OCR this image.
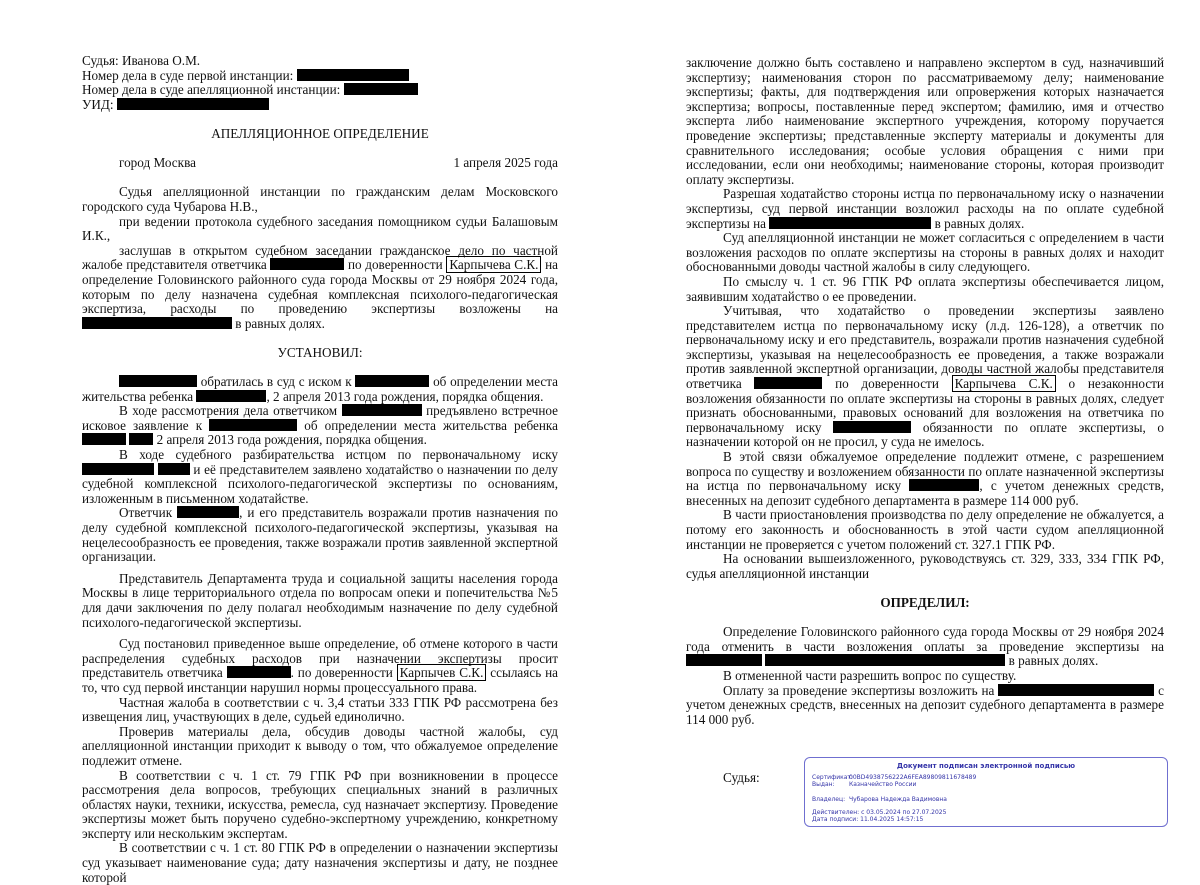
Судья: Иванова О.М.

Номер дела в суде первой инстанции:

Номер дела в суде апелляционной инстанции:

УИД:

АПЕЛЛЯЦИОННОЕ ОПРЕДЕЛЕНИЕ

город Москва	1 апреля 2025 года

Судья апелляционной инстанции по гражданским делам Московского городского суда Чубарова Н.В.,

при ведении протокола судебного заседания помощником судьи Балашовым И.К.,

заслушав в открытом судебном заседании гражданское дело по частной жалобе представителя ответчика	по доверенности Карпычева С.К. на определение Головинского районного суда города Москвы от 29 ноября 2024 года, которым по делу назначена судебная комплексная психолого-педагогическая экспертиза, расходы по проведению экспертизы возложены на  в равных долях.

УСТАНОВИЛ:

обратилась в суд с иском к	об определении места жительства ребенка	, 2 апреля 2013 года рождения, порядка общения.

В ходе рассмотрения дела ответчиком	предъявлено встречное исковое заявление к	об определении места жительства ребенка   2 апреля 2013 года рождения, порядка общения.

В ходе судебного разбирательства истцом по первоначальному иску   и её представителем заявлено ходатайство о назначении по делу судебной комплексной психолого-педагогической экспертизы по основаниям, изложенным в письменном ходатайстве.

Ответчик	, и его представитель возражали против назначения по делу судебной комплексной психолого-педагогической экспертизы, указывая на нецелесообразность ее проведения, также возражали против заявленной экспертной организации.

Представитель Департамента труда и социальной защиты населения города Москвы в лице территориального отдела по вопросам опеки и попечительства №5 для дачи заключения по делу полагал необходимым назначение по делу судебной психолого-педагогической экспертизы.

Суд постановил приведенное выше определение, об отмене которого в части распределения судебных расходов при назначении экспертизы просит представитель ответчика	. по доверенности Карпычев С.К. ссылаясь на то, что суд первой инстанции нарушил нормы процессуального права.

Частная жалоба в соответствии с ч. 3,4 статьи 333 ГПК РФ рассмотрена без извещения лиц, участвующих в деле, судьей единолично.

Проверив материалы дела, обсудив доводы частной жалобы, суд апелляционной инстанции приходит к выводу о том, что обжалуемое определение подлежит отмене.

В соответствии с ч. 1 ст. 79 ГПК РФ при возникновении в процессе рассмотрения дела вопросов, требующих специальных знаний в различных областях науки, техники, искусства, ремесла, суд назначает экспертизу. Проведение экспертизы может быть поручено судебно-экспертному учреждению, конкретному эксперту или нескольким экспертам.

В соответствии с ч. 1 ст. 80 ГПК РФ в определении о назначении экспертизы суд указывает наименование суда; дату назначения экспертизы и дату, не позднее которой

заключение должно быть составлено и направлено экспертом в суд, назначивший экспертизу; наименования сторон по рассматриваемому делу; наименование экспертизы; факты, для подтверждения или опровержения которых назначается экспертиза; вопросы, поставленные перед экспертом; фамилию, имя и отчество эксперта либо наименование экспертного учреждения, которому поручается проведение экспертизы; представленные эксперту материалы и документы для сравнительного исследования; особые условия обращения с ними при исследовании, если они необходимы; наименование стороны, которая производит оплату экспертизы.

Разрешая ходатайство стороны истца по первоначальному иску о назначении экспертизы, суд первой инстанции возложил расходы на по оплате судебной экспертизы на	в равных долях.

Суд апелляционной инстанции не может согласиться с определением в части возложения расходов по оплате экспертизы на стороны в равных долях и находит обоснованными доводы частной жалобы в силу следующего.

По смыслу ч. 1 ст. 96 ГПК РФ оплата экспертизы обеспечивается лицом, заявившим ходатайство о ее проведении.

Учитывая, что ходатайство о проведении экспертизы заявлено представителем истца по первоначальному иску (л.д. 126-128), а ответчик по первоначальному иску и его представитель, возражали против назначения судебной экспертизы, указывая на нецелесообразность ее проведения, а также возражали против заявленной экспертной организации, доводы частной жалобы представителя ответчика	по доверенности Карпычева С.К. о незаконности возложения обязанности по оплате экспертизы на стороны в равных долях, следует признать обоснованными, правовых оснований для возложения на ответчика по первоначальному иску	обязанности по оплате экспертизы, о назначении которой он не просил, у суда не имелось.

В этой связи обжалуемое определение подлежит отмене, с разрешением вопроса по существу и возложением обязанности по оплате назначенной экспертизы на истца по первоначальному иску	, с учетом денежных средств, внесенных на депозит судебного департамента в размере 114 000 руб.

В части приостановления производства по делу определение не обжалуется, а потому его законность и обоснованность в этой части судом апелляционной инстанции не проверяется с учетом положений ст. 327.1 ГПК РФ.

На основании вышеизложенного, руководствуясь ст. 329, 333, 334 ГПК РФ, судья апелляционной инстанции

ОПРЕДЕЛИЛ:

Определение Головинского районного суда города Москвы от 29 ноября 2024 года отменить в части возложения оплаты за проведение экспертизы на   в равных долях.

В отмененной части разрешить вопрос по существу.

Оплату за проведение экспертизы возложить на	с учетом денежных средств, внесенных на депозит судебного департамента в размере 114 000 руб.

Судья:

Документ подписан электронной подписью
Сертификат:
00BD4938756222A6FEA89809811678489
Выдан: Казначейство России
Владелец: Чубарова Надежда Вадимовна
Действителен: с 03.05.2024 по 27.07.2025
Дата подписи: 11.04.2025 14:57:15
